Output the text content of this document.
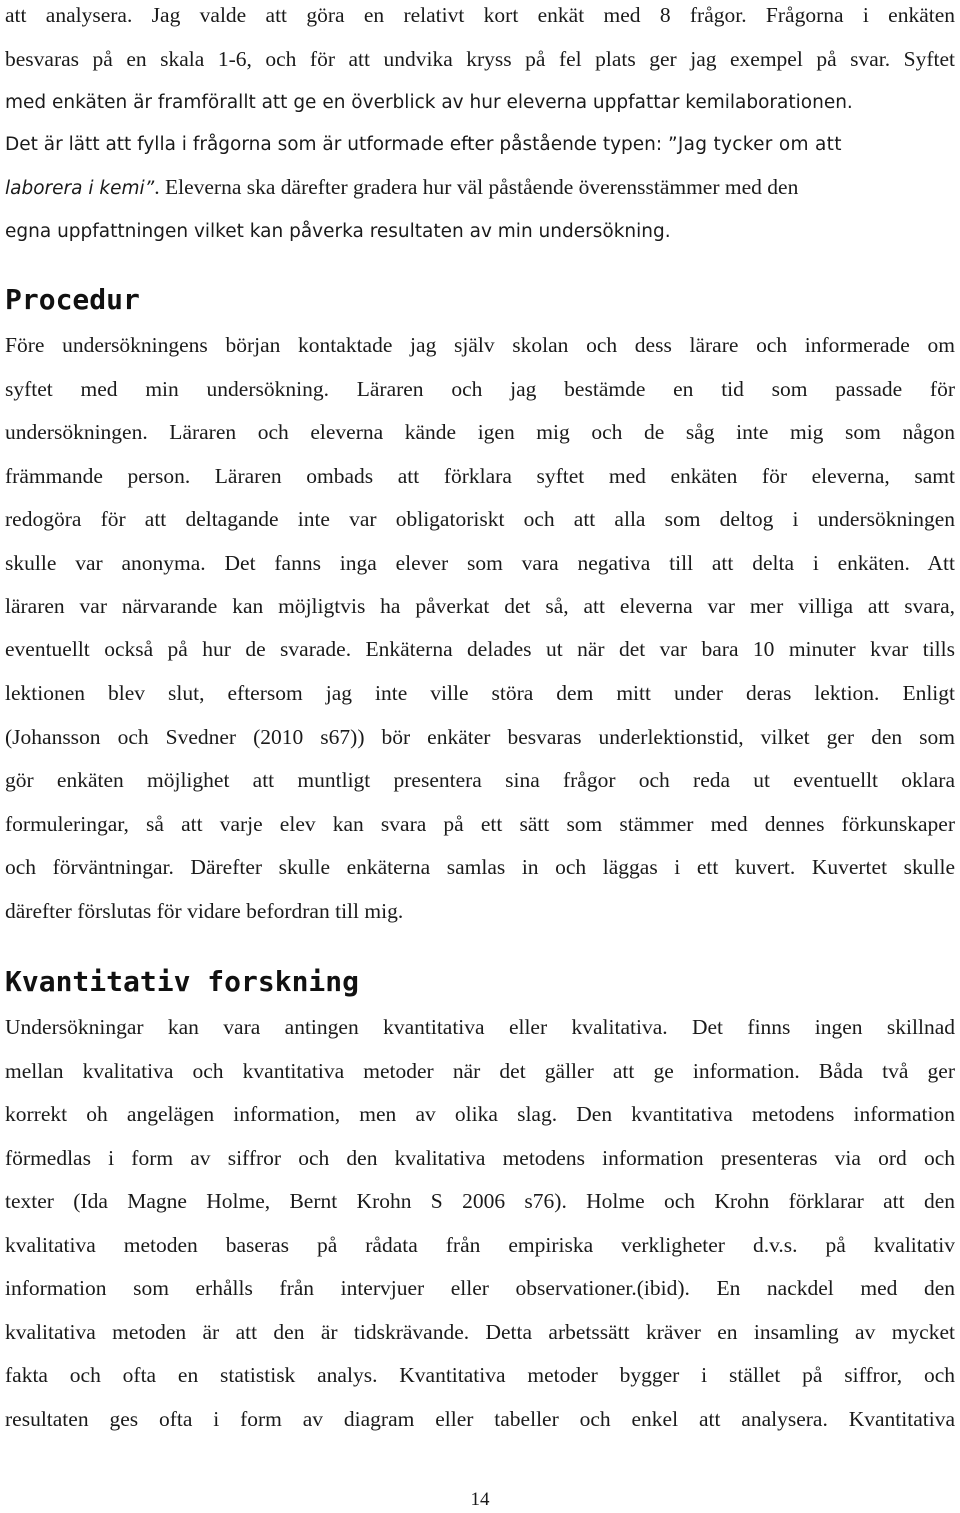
att analysera. Jag valde att göra en relativt kort enkät med 8 frågor. Frågorna i enkäten
besvaras på en skala 1-6, och för att undvika kryss på fel plats ger jag exempel på svar. Syftet
med enkäten är framförallt att ge en överblick av hur eleverna uppfattar kemilaborationen.
Det är lätt att fylla i frågorna som är utformade efter påstående typen: ”Jag tycker om att
laborera i kemi”. Eleverna ska därefter gradera hur väl påstående överensstämmer med den
egna uppfattningen vilket kan påverka resultaten av min undersökning.
Procedur
Före undersökningens början kontaktade jag själv skolan och dess lärare och informerade om
syftet med min undersökning. Läraren och jag bestämde en tid som passade för
undersökningen. Läraren och eleverna kände igen mig och de såg inte mig som någon
främmande person. Läraren ombads att förklara syftet med enkäten för eleverna, samt
redogöra för att deltagande inte var obligatoriskt och att alla som deltog i undersökningen
skulle var anonyma. Det fanns inga elever som vara negativa till att delta i enkäten. Att
läraren var närvarande kan möjligtvis ha påverkat det så, att eleverna var mer villiga att svara,
eventuellt också på hur de svarade. Enkäterna delades ut när det var bara 10 minuter kvar tills
lektionen blev slut, eftersom jag inte ville störa dem mitt under deras lektion. Enligt
(Johansson och Svedner (2010 s67)) bör enkäter besvaras underlektionstid, vilket ger den som
gör enkäten möjlighet att muntligt presentera sina frågor och reda ut eventuellt oklara
formuleringar, så att varje elev kan svara på ett sätt som stämmer med dennes förkunskaper
och förväntningar. Därefter skulle enkäterna samlas in och läggas i ett kuvert. Kuvertet skulle
därefter förslutas för vidare befordran till mig.
Kvantitativ forskning
Undersökningar kan vara antingen kvantitativa eller kvalitativa. Det finns ingen skillnad
mellan kvalitativa och kvantitativa metoder när det gäller att ge information. Båda två ger
korrekt oh angelägen information, men av olika slag. Den kvantitativa metodens information
förmedlas i form av siffror och den kvalitativa metodens information presenteras via ord och
texter (Ida Magne Holme, Bernt Krohn S 2006 s76). Holme och Krohn förklarar att den
kvalitativa metoden baseras på rådata från empiriska verkligheter d.v.s. på kvalitativ
information som erhålls från intervjuer eller observationer.(ibid). En nackdel med den
kvalitativa metoden är att den är tidskrävande. Detta arbetssätt kräver en insamling av mycket
fakta och ofta en statistisk analys. Kvantitativa metoder bygger i stället på siffror, och
resultaten ges ofta i form av diagram eller tabeller och enkel att analysera. Kvantitativa
14
